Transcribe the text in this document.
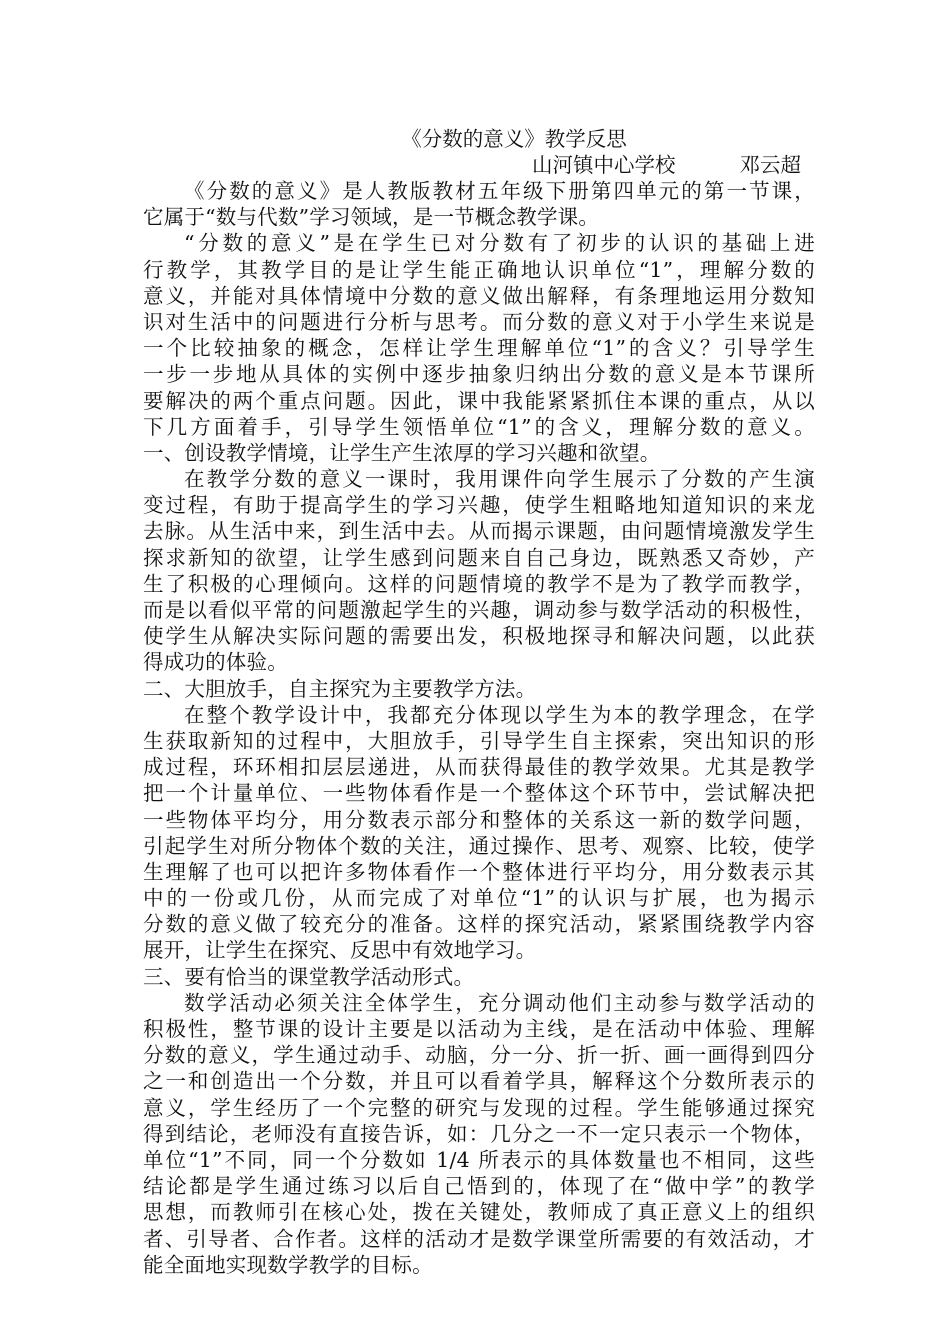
《分数的意义》教学反思
山河镇中心学校	邓云超
《分数的意义》是人教版教材五年级下册第四单元的第一节课，
它属于“数与代数”学习领域，是一节概念教学课。
“分数的意义”是在学生已对分数有了初步的认识的基础上进
行教学，其教学目的是让学生能正确地认识单位“1”，理解分数的
意义，并能对具体情境中分数的意义做出解释，有条理地运用分数知
识对生活中的问题进行分析与思考。而分数的意义对于小学生来说是
一个比较抽象的概念，怎样让学生理解单位“1”的含义？引导学生
一步一步地从具体的实例中逐步抽象归纳出分数的意义是本节课所
要解决的两个重点问题。因此，课中我能紧紧抓住本课的重点，从以
下几方面着手，引导学生领悟单位“1”的含义，理解分数的意义。
一、创设教学情境，让学生产生浓厚的学习兴趣和欲望。
在教学分数的意义一课时，我用课件向学生展示了分数的产生演
变过程，有助于提高学生的学习兴趣，使学生粗略地知道知识的来龙
去脉。从生活中来，到生活中去。从而揭示课题，由问题情境激发学生
探求新知的欲望，让学生感到问题来自自己身边，既熟悉又奇妙，产
生了积极的心理倾向。这样的问题情境的教学不是为了教学而教学，
而是以看似平常的问题激起学生的兴趣，调动参与数学活动的积极性，
使学生从解决实际问题的需要出发，积极地探寻和解决问题，以此获
得成功的体验。
二、大胆放手，自主探究为主要教学方法。
在整个教学设计中，我都充分体现以学生为本的教学理念，在学
生获取新知的过程中，大胆放手，引导学生自主探索，突出知识的形
成过程，环环相扣层层递进，从而获得最佳的教学效果。尤其是教学
把一个计量单位、一些物体看作是一个整体这个环节中，尝试解决把
一些物体平均分，用分数表示部分和整体的关系这一新的数学问题，
引起学生对所分物体个数的关注，通过操作、思考、观察、比较，使学
生理解了也可以把许多物体看作一个整体进行平均分，用分数表示其
中的一份或几份，从而完成了对单位“1”的认识与扩展，也为揭示
分数的意义做了较充分的准备。这样的探究活动，紧紧围绕教学内容
展开，让学生在探究、反思中有效地学习。
三、要有恰当的课堂教学活动形式。
数学活动必须关注全体学生，充分调动他们主动参与数学活动的
积极性，整节课的设计主要是以活动为主线，是在活动中体验、理解
分数的意义，学生通过动手、动脑，分一分、折一折、画一画得到四分
之一和创造出一个分数，并且可以看着学具，解释这个分数所表示的
意义，学生经历了一个完整的研究与发现的过程。学生能够通过探究
得到结论，老师没有直接告诉，如：几分之一不一定只表示一个物体，
单位“1”不同，同一个分数如 1/4 所表示的具体数量也不相同，这些
结论都是学生通过练习以后自己悟到的，体现了在“做中学”的教学
思想，而教师引在核心处，拨在关键处，教师成了真正意义上的组织
者、引导者、合作者。这样的活动才是数学课堂所需要的有效活动，才
能全面地实现数学教学的目标。
